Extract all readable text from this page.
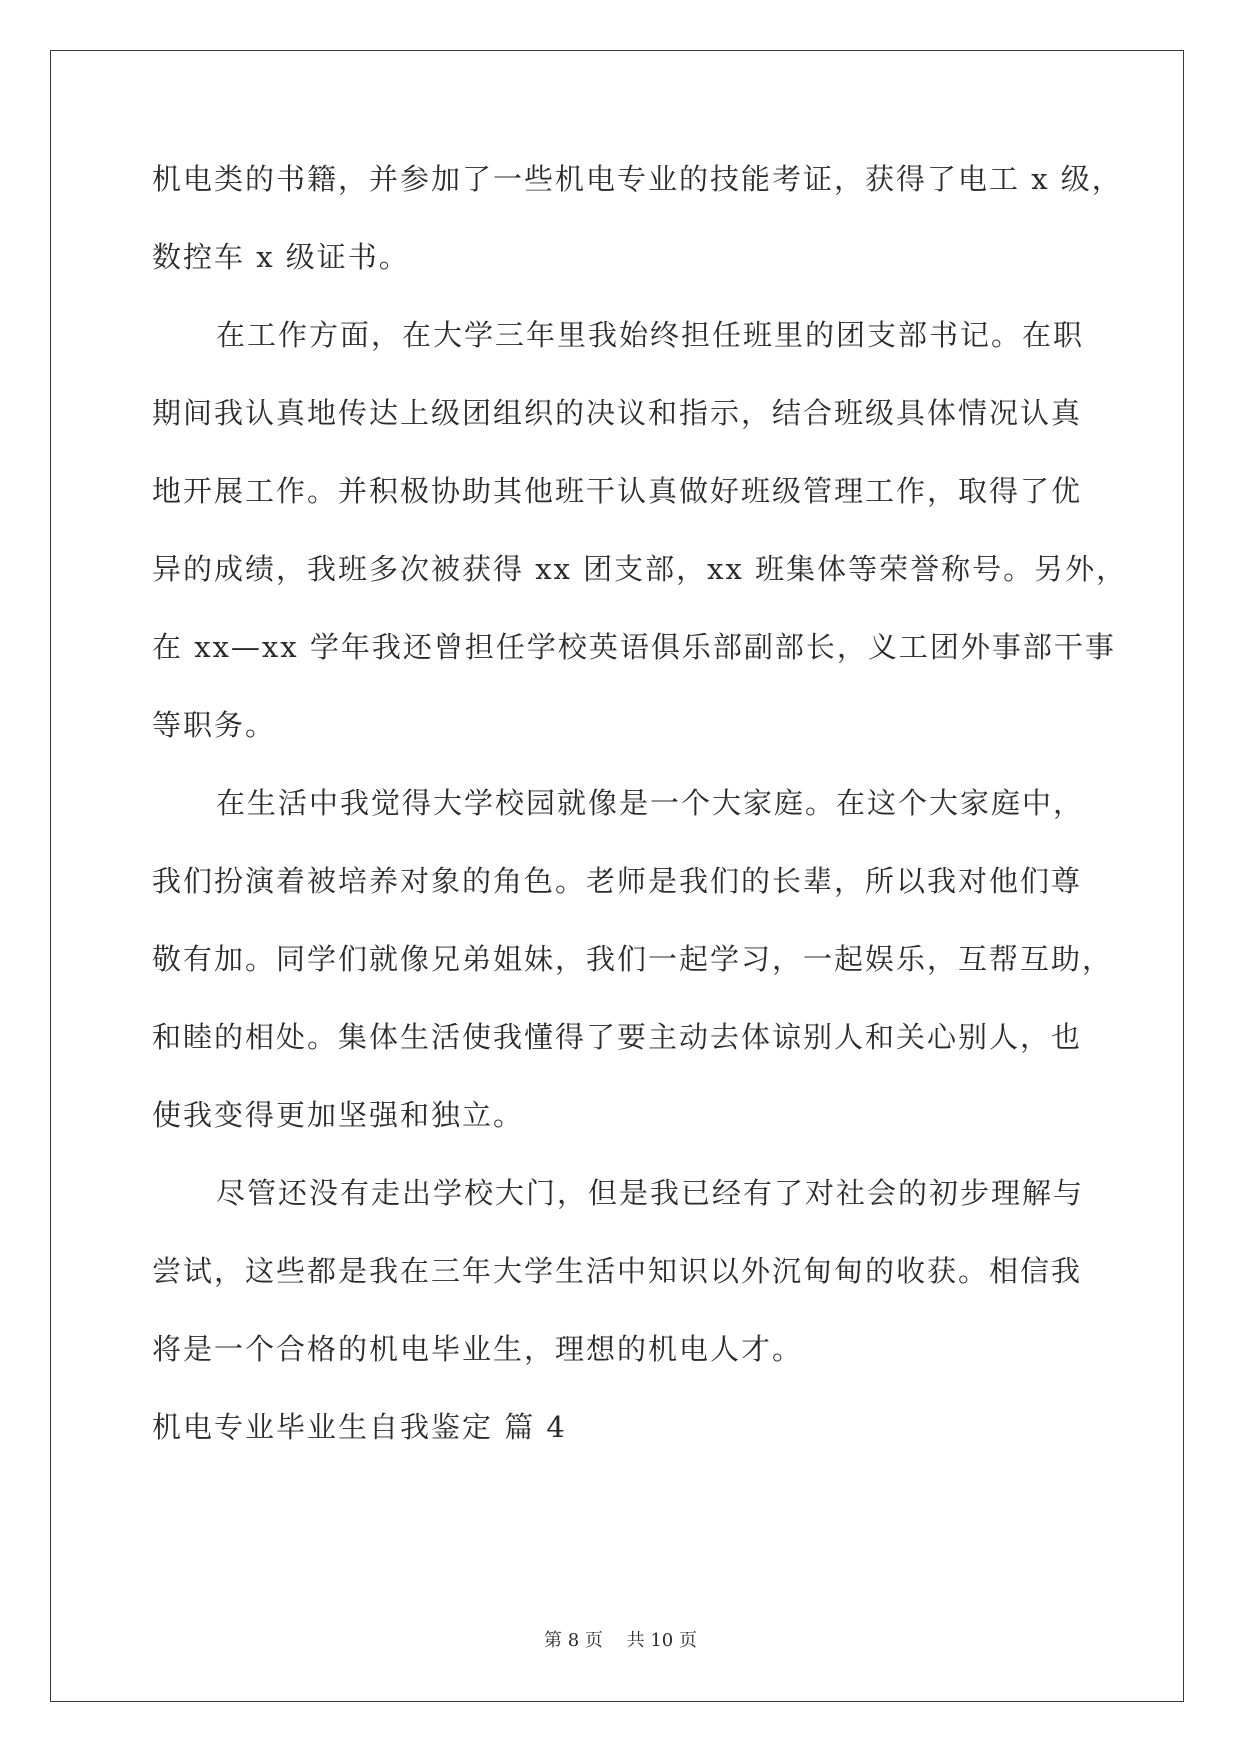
机电类的书籍，并参加了一些机电专业的技能考证，获得了电工 x 级，
数控车 x 级证书。
在工作方面，在大学三年里我始终担任班里的团支部书记。在职
期间我认真地传达上级团组织的决议和指示，结合班级具体情况认真
地开展工作。并积极协助其他班干认真做好班级管理工作，取得了优
异的成绩，我班多次被获得 xx 团支部，xx 班集体等荣誉称号。另外，
在 xx—xx 学年我还曾担任学校英语俱乐部副部长，义工团外事部干事
等职务。
在生活中我觉得大学校园就像是一个大家庭。在这个大家庭中，
我们扮演着被培养对象的角色。老师是我们的长辈，所以我对他们尊
敬有加。同学们就像兄弟姐妹，我们一起学习，一起娱乐，互帮互助，
和睦的相处。集体生活使我懂得了要主动去体谅别人和关心别人，也
使我变得更加坚强和独立。
尽管还没有走出学校大门，但是我已经有了对社会的初步理解与
尝试，这些都是我在三年大学生活中知识以外沉甸甸的收获。相信我
将是一个合格的机电毕业生，理想的机电人才。
机电专业毕业生自我鉴定 篇 4
第 8 页　 共 10 页
